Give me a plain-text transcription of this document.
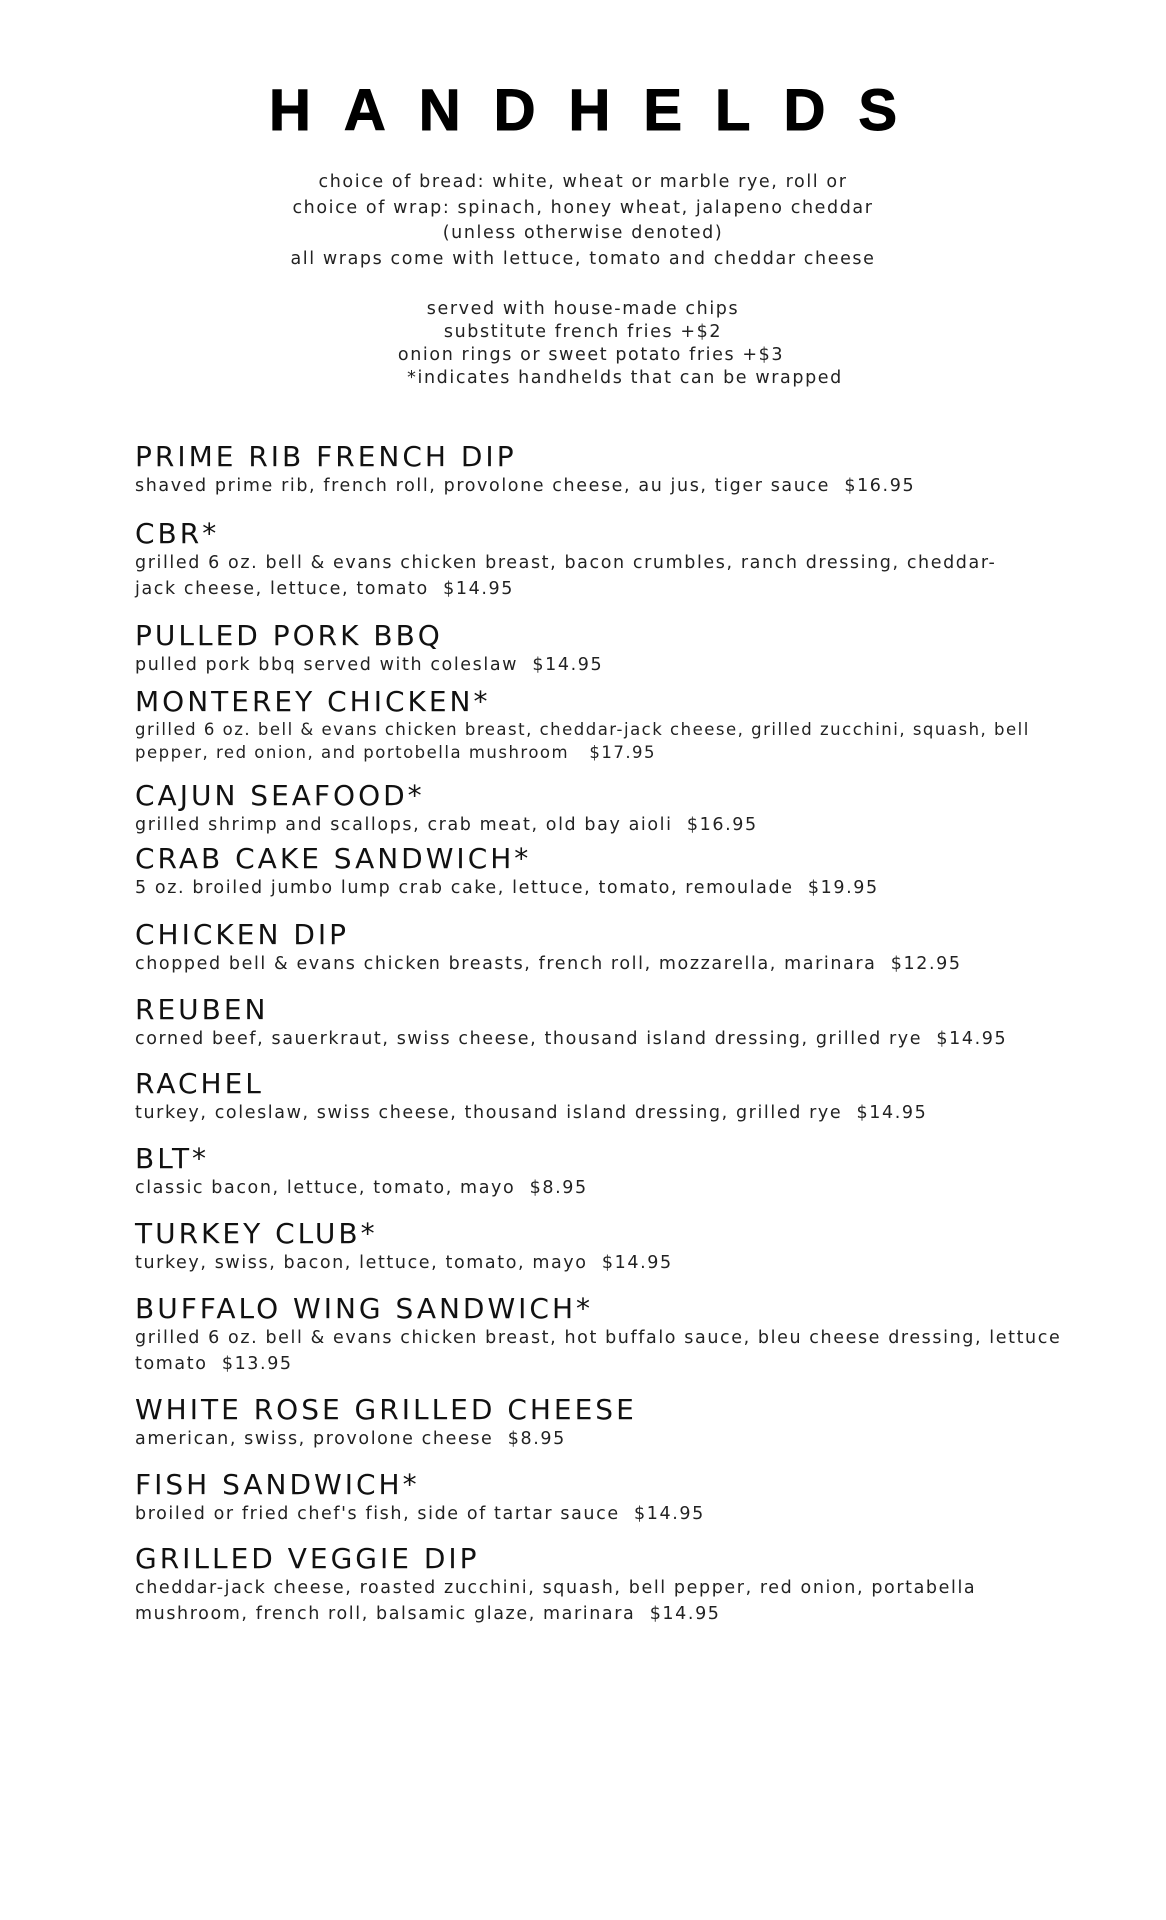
HANDHELDS
choice of bread: white, wheat or marble rye, roll or
choice of wrap: spinach, honey wheat, jalapeno cheddar
(unless otherwise denoted)
all wraps come with lettuce, tomato and cheddar cheese
served with house-made chips
substitute french fries +$2
onion rings or sweet potato fries +$3
*indicates handhelds that can be wrapped
PRIME RIB FRENCH DIP
shaved prime rib, french roll, provolone cheese, au jus, tiger sauce  $16.95
CBR*
grilled 6 oz. bell & evans chicken breast, bacon crumbles, ranch dressing, cheddar-
jack cheese, lettuce, tomato  $14.95
PULLED PORK BBQ
pulled pork bbq served with coleslaw  $14.95
MONTEREY CHICKEN*
grilled 6 oz. bell & evans chicken breast, cheddar-jack cheese, grilled zucchini, squash, bell
pepper, red onion, and portobella mushroom   $17.95
CAJUN SEAFOOD*
grilled shrimp and scallops, crab meat, old bay aioli  $16.95
CRAB CAKE SANDWICH*
5 oz. broiled jumbo lump crab cake, lettuce, tomato, remoulade  $19.95
CHICKEN DIP
chopped bell & evans chicken breasts, french roll, mozzarella, marinara  $12.95
REUBEN
corned beef, sauerkraut, swiss cheese, thousand island dressing, grilled rye  $14.95
RACHEL
turkey, coleslaw, swiss cheese, thousand island dressing, grilled rye  $14.95
BLT*
classic bacon, lettuce, tomato, mayo  $8.95
TURKEY CLUB*
turkey, swiss, bacon, lettuce, tomato, mayo  $14.95
BUFFALO WING SANDWICH*
grilled 6 oz. bell & evans chicken breast, hot buffalo sauce, bleu cheese dressing, lettuce
tomato  $13.95
WHITE ROSE GRILLED CHEESE
american, swiss, provolone cheese  $8.95
FISH SANDWICH*
broiled or fried chef's fish, side of tartar sauce  $14.95
GRILLED VEGGIE DIP
cheddar-jack cheese, roasted zucchini, squash, bell pepper, red onion, portabella
mushroom, french roll, balsamic glaze, marinara  $14.95
